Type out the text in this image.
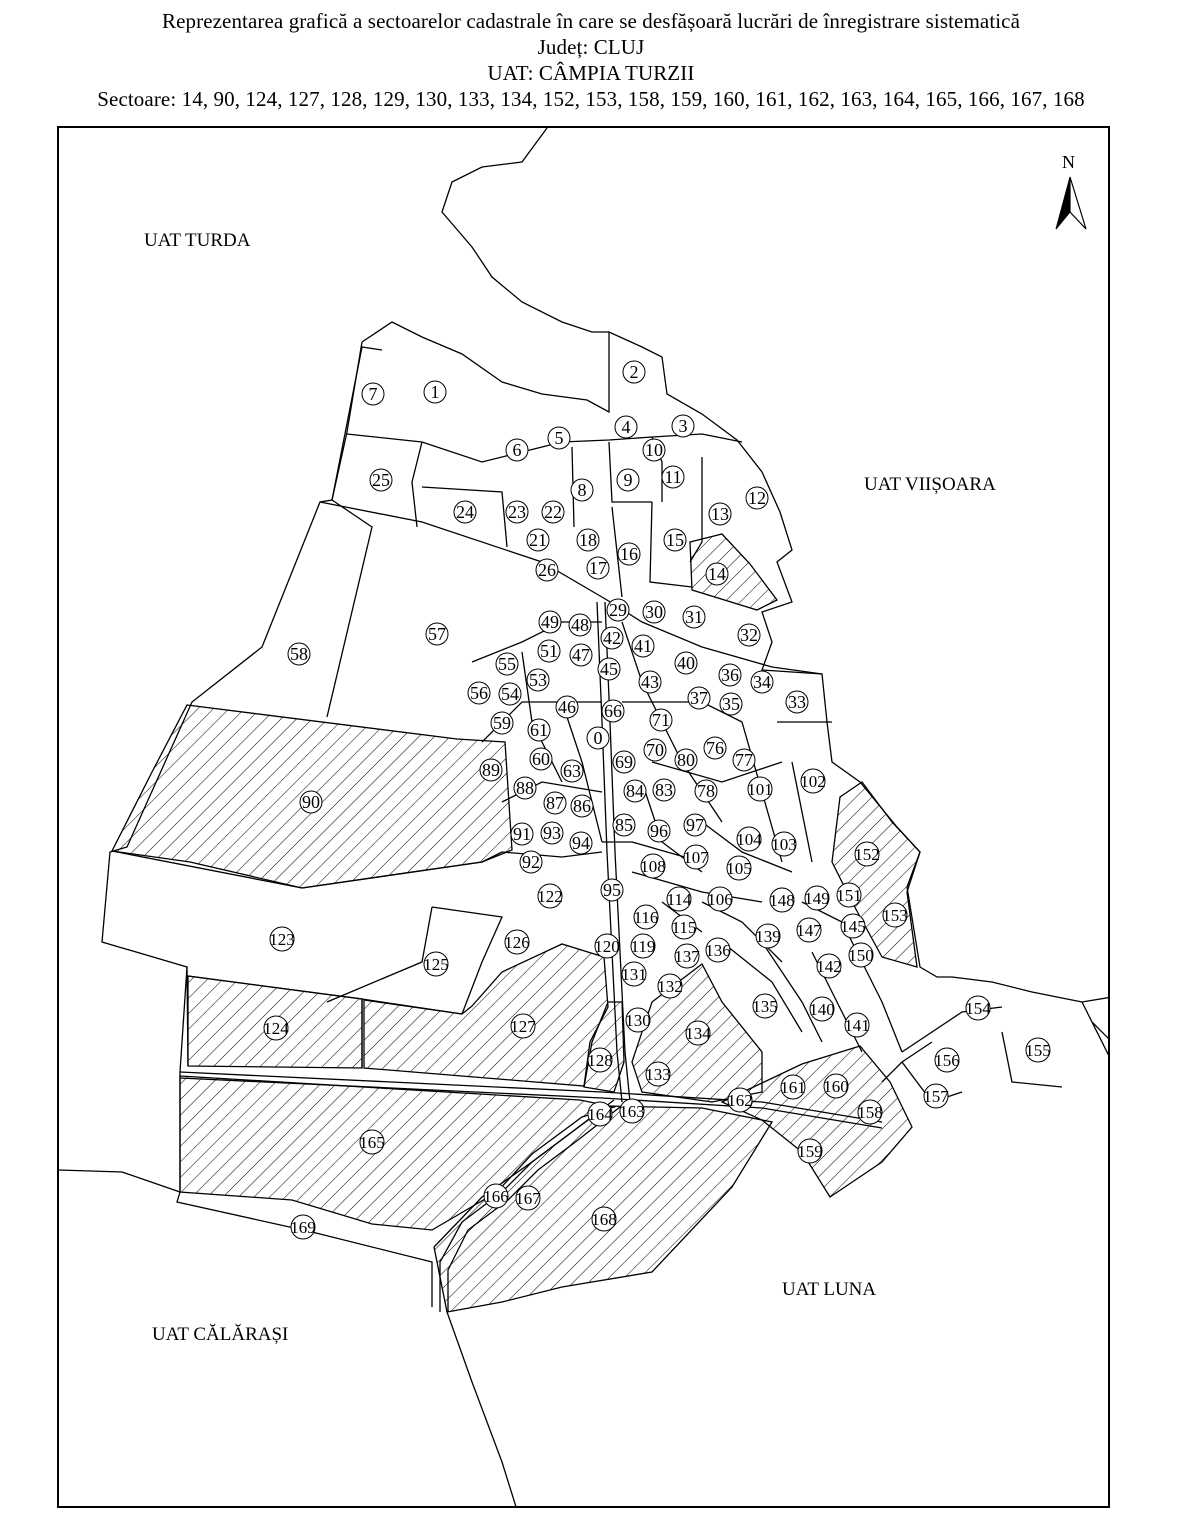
Reprezentarea grafică a sectoarelor cadastrale în care se desfășoară lucrări de înregistrare sistematică
Județ: CLUJ
UAT: CÂMPIA TURZII
Sectoare: 14, 90, 124, 127, 128, 129, 130, 133, 134, 152, 153, 158, 159, 160, 161, 162, 163, 164, 165, 166, 167, 168
UAT TURDA
UAT VIIȘOARA
UAT LUNA
UAT CĂLĂRAȘI
N
0
1
2
3
4
5
6
7
8 9
10
11
12
13
14
15
16
17
18
21
22
23
24
25
26
29 30 31
32
33
34
35
36
37
40
41
42
43
45
46
47
48
49
51
53
54
55
56
57
58
59
60
61
63
66
69
70
71
76
77
78
80
83
84
85
86
87
88
89
90
91
92
93 94
95
96 97
101 102
103
104
105
106
107
108
114
115
116
119
120
122
123
124
125
126
127
128
130
131
132
133
134
135
136
137
139
140
141
142
145
147
148 149
150
151
152
153
154
155
156
157
158
159
160
161
162
163
164
165
166 167
168
169
